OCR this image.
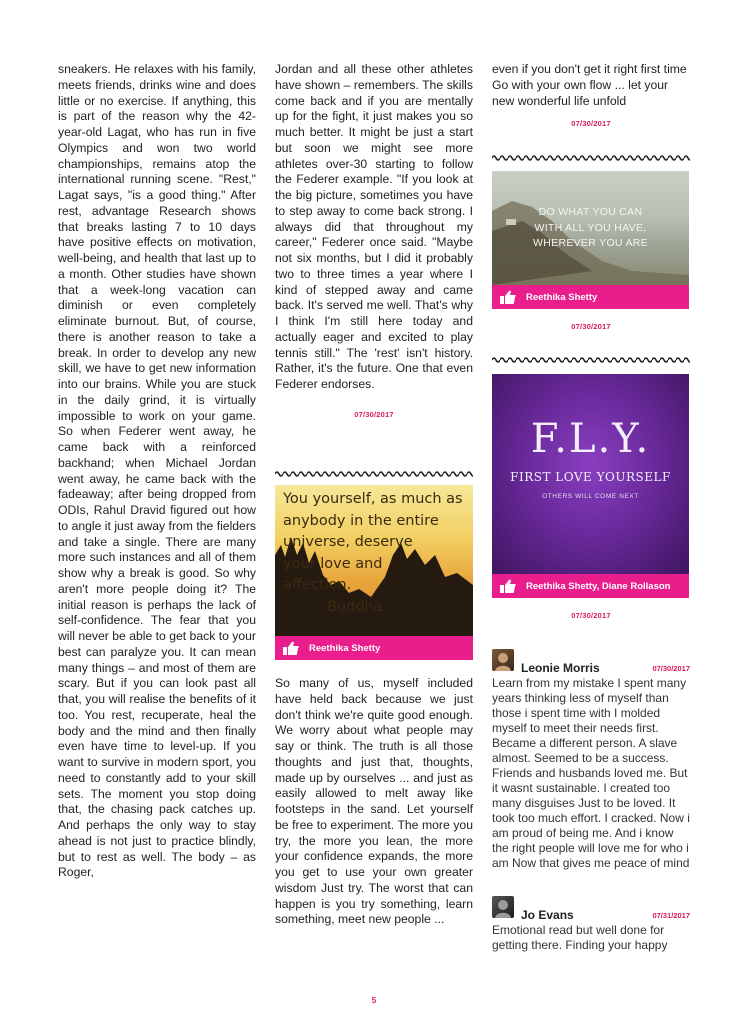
sneakers. He relaxes with his family, meets friends, drinks wine and does little or no exercise. If anything, this is part of the reason why the 42-year-old Lagat, who has run in five Olympics and won two world championships, remains atop the international running scene. "Rest," Lagat says, "is a good thing." After rest, advantage Research shows that breaks lasting 7 to 10 days have positive effects on motivation, well-being, and health that last up to a month. Other studies have shown that a week-long vacation can diminish or even completely eliminate burnout. But, of course, there is another reason to take a break. In order to develop any new skill, we have to get new information into our brains. While you are stuck in the daily grind, it is virtually impossible to work on your game. So when Federer went away, he came back with a reinforced backhand; when Michael Jordan went away, he came back with the fadeaway; after being dropped from ODIs, Rahul Dravid figured out how to angle it just away from the fielders and take a single. There are many more such instances and all of them show why a break is good. So why aren't more people doing it? The initial reason is perhaps the lack of self-confidence. The fear that you will never be able to get back to your best can paralyze you. It can mean many things – and most of them are scary. But if you can look past all that, you will realise the benefits of it too. You rest, recuperate, heal the body and the mind and then finally even have time to level-up. If you want to survive in modern sport, you need to constantly add to your skill sets. The moment you stop doing that, the chasing pack catches up. And perhaps the only way to stay ahead is not just to practice blindly, but to rest as well. The body – as Roger,

Jordan and all these other athletes have shown – remembers. The skills come back and if you are mentally up for the fight, it just makes you so much better. It might be just a start but soon we might see more athletes over-30 starting to follow the Federer example. "If you look at the big picture, sometimes you have to step away to come back strong. I always did that throughout my career," Federer once said. "Maybe not six months, but I did it probably two to three times a year where I kind of stepped away and came back. It's served me well. That's why I think I'm still here today and actually eager and excited to play tennis still." The 'rest' isn't history. Rather, it's the future. One that even Federer endorses.

07/30/2017
You yourself, as much as
anybody in the entire
universe, deserve
your love and
affection.
Buddha
Reethika Shetty

So many of us, myself included have held back because we just don't think we're quite good enough. We worry about what people may say or think. The truth is all those thoughts and just that, thoughts, made up by ourselves ... and just as easily allowed to melt away like footsteps in the sand. Let yourself be free to experiment. The more you try, the more you lean, the more your confidence expands, the more you get to use your own greater wisdom Just try. The worst that can happen is you try something, learn something, meet new people ...

even if you don't get it right first time Go with your own flow ... let your new wonderful life unfold

07/30/2017
DO WHAT YOU CAN
WITH ALL YOU HAVE,
WHEREVER YOU ARE
Reethika Shetty
07/30/2017
F.L.Y.
FIRST LOVE YOURSELF
OTHERS WILL COME NEXT
Reethika Shetty, Diane Rollason
07/30/2017
Leonie Morris	07/30/2017

Learn from my mistake I spent many years thinking less of myself than those i spent time with I molded myself to meet their needs first. Became a different person. A slave almost. Seemed to be a success. Friends and husbands loved me. But it wasnt sustainable. I created too many disguises Just to be loved. It took too much effort. I cracked. Now i am proud of being me. And i know the right people will love me for who i am Now that gives me peace of mind

Jo Evans	07/31/2017

Emotional read but well done for getting there. Finding your happy

5
